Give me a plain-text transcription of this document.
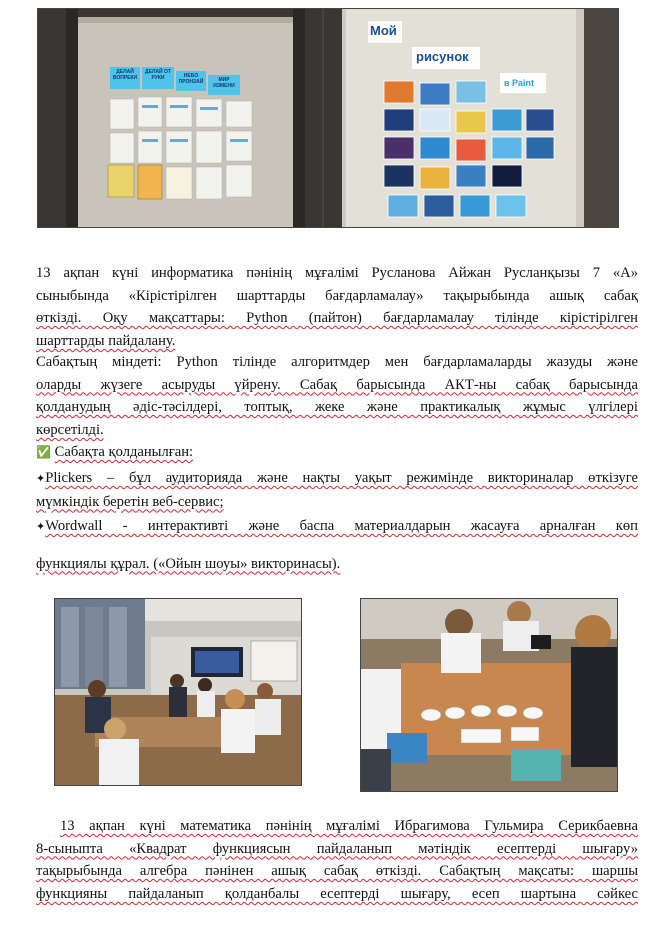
ДЕЛАЙ ВОПРЕКИ
ДЕЛАЙ ОТ РУКИ	НЕБО ПРОНЗАЙ	МИР ИЗМЕНИ
Мой
рисунок
в Paint
13 ақпан күні информатика пәнінің мұғалімі Русланова Айжан Русланқызы 7 «А»
сыныбында «Кірістірілген шарттарды бағдарламалау» тақырыбында ашық сабақ
өткізді. Оқу мақсаттары: Python (пайтон) бағдарламалау тілінде кірістірілген
шарттарды пайдалану.
Сабақтың міндеті: Python тілінде алгоритмдер мен бағдарламаларды жазуды және
оларды жүзеге асыруды үйрену. Сабақ барысында АКТ-ны сабақ барысында
қолданудың әдіс-тәсілдері, топтық, жеке және практикалық жұмыс үлгілері
көрсетілді.
✅ Сабақта қолданылған:
✦Plickers – бұл аудиторияда және нақты уақыт режимінде викториналар өткізуге
мүмкіндік беретін веб-сервис;
✦Wordwall - интерактивті және баспа материалдарын жасауға арналған көп
функциялы құрал. («Ойын шоуы» викторинасы).
13 ақпан күні математика пәнінің мұғалімі Ибрагимова Гульмира Серикбаевна
8-сыныпта «Квадрат функциясын пайдаланып мәтіндік есептерді шығару»
тақырыбында алгебра пәнінен ашық сабақ өткізді. Сабақтың мақсаты: шаршы
функцияны пайдаланып қолданбалы есептерді шығару, есеп шартына сәйкес
